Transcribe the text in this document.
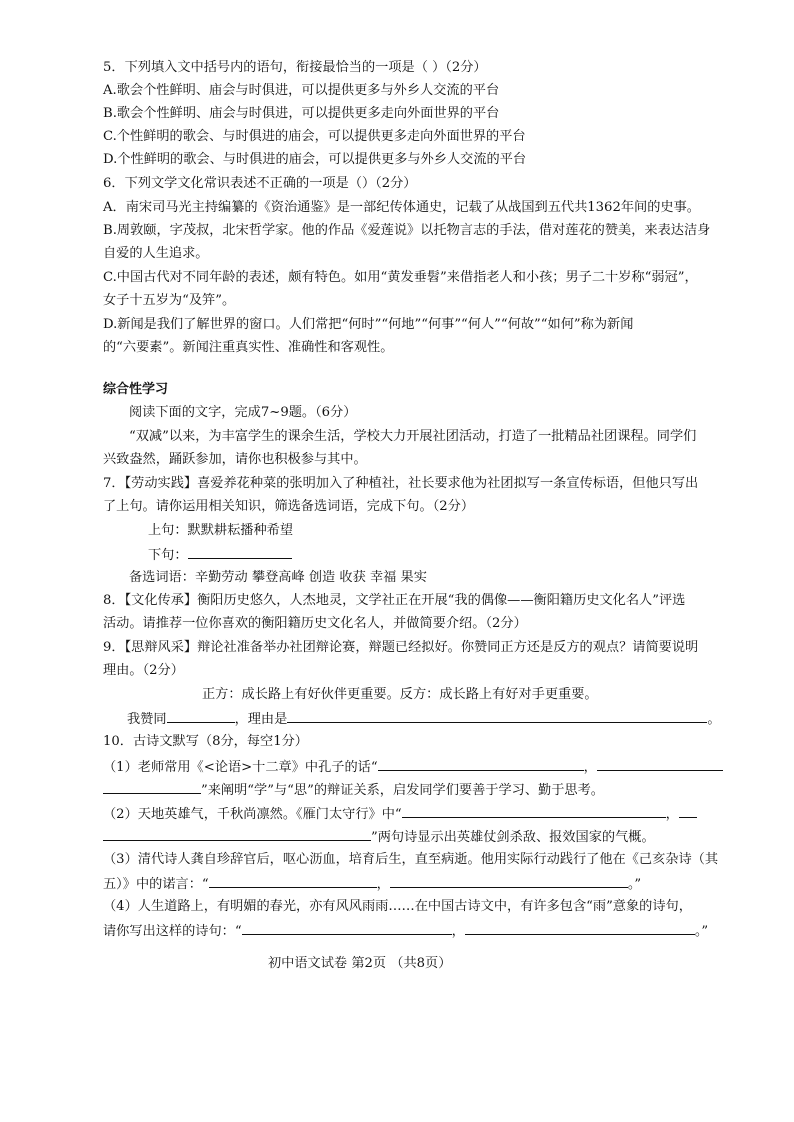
5．下列填入文中括号内的语句，衔接最恰当的一项是（ ）（2分）
A.歌会个性鲜明、庙会与时俱进，可以提供更多与外乡人交流的平台
B.歌会个性鲜明、庙会与时俱进，可以提供更多走向外面世界的平台
C.个性鲜明的歌会、与时俱进的庙会，可以提供更多走向外面世界的平台
D.个性鲜明的歌会、与时俱进的庙会，可以提供更多与外乡人交流的平台
6．下列文学文化常识表述不正确的一项是（）（2分）
A．南宋司马光主持编纂的《资治通鉴》是一部纪传体通史，记载了从战国到五代共1362年间的史事。
B.周敦颐，字茂叔，北宋哲学家。他的作品《爱莲说》以托物言志的手法，借对莲花的赞美，来表达洁身
自爱的人生追求。
C.中国古代对不同年龄的表述，颇有特色。如用“黄发垂髫”来借指老人和小孩；男子二十岁称“弱冠”，
女子十五岁为“及笄”。
D.新闻是我们了解世界的窗口。人们常把“何时”“何地”“何事”“何人”“何故”“如何”称为新闻
的“六要素”。新闻注重真实性、准确性和客观性。
综合性学习
阅读下面的文字，完成7~9题。（6分）
“双减”以来，为丰富学生的课余生活，学校大力开展社团活动，打造了一批精品社团课程。同学们
兴致盎然，踊跃参加，请你也积极参与其中。
7．【劳动实践】喜爱养花种菜的张明加入了种植社，社长要求他为社团拟写一条宣传标语，但他只写出
了上句。请你运用相关知识，筛选备选词语，完成下句。（2分）
上句：默默耕耘播种希望
下句：
备选词语：辛勤劳动 攀登高峰 创造 收获 幸福 果实
8．【文化传承】衡阳历史悠久，人杰地灵，文学社正在开展“我的偶像——衡阳籍历史文化名人”评选
活动。请推荐一位你喜欢的衡阳籍历史文化名人，并做简要介绍。（2分）
9．【思辩风采】辩论社准备举办社团辩论赛，辩题已经拟好。你赞同正方还是反方的观点？请简要说明
理由。（2分）
正方：成长路上有好伙伴更重要。反方：成长路上有好对手更重要。
我赞同	，理由是	。
10．古诗文默写（8分，每空1分）
（1）老师常用《<论语>十二章》中孔子的话“	，
”来阐明“学”与“思”的辩证关系，启发同学们要善于学习、勤于思考。
（2）天地英雄气，千秋尚凛然。《雁门太守行》中“	，
”两句诗显示出英雄仗剑杀敌、报效国家的气概。
（3）清代诗人龚自珍辞官后，呕心沥血，培育后生，直至病逝。他用实际行动践行了他在《己亥杂诗（其
五）》中的诺言：“	，	。”
（4）人生道路上，有明媚的春光，亦有风风雨雨……在中国古诗文中，有许多包含“雨”意象的诗句，
请你写出这样的诗句：“	，	。”
初中语文试卷 第2页 （共8页）
